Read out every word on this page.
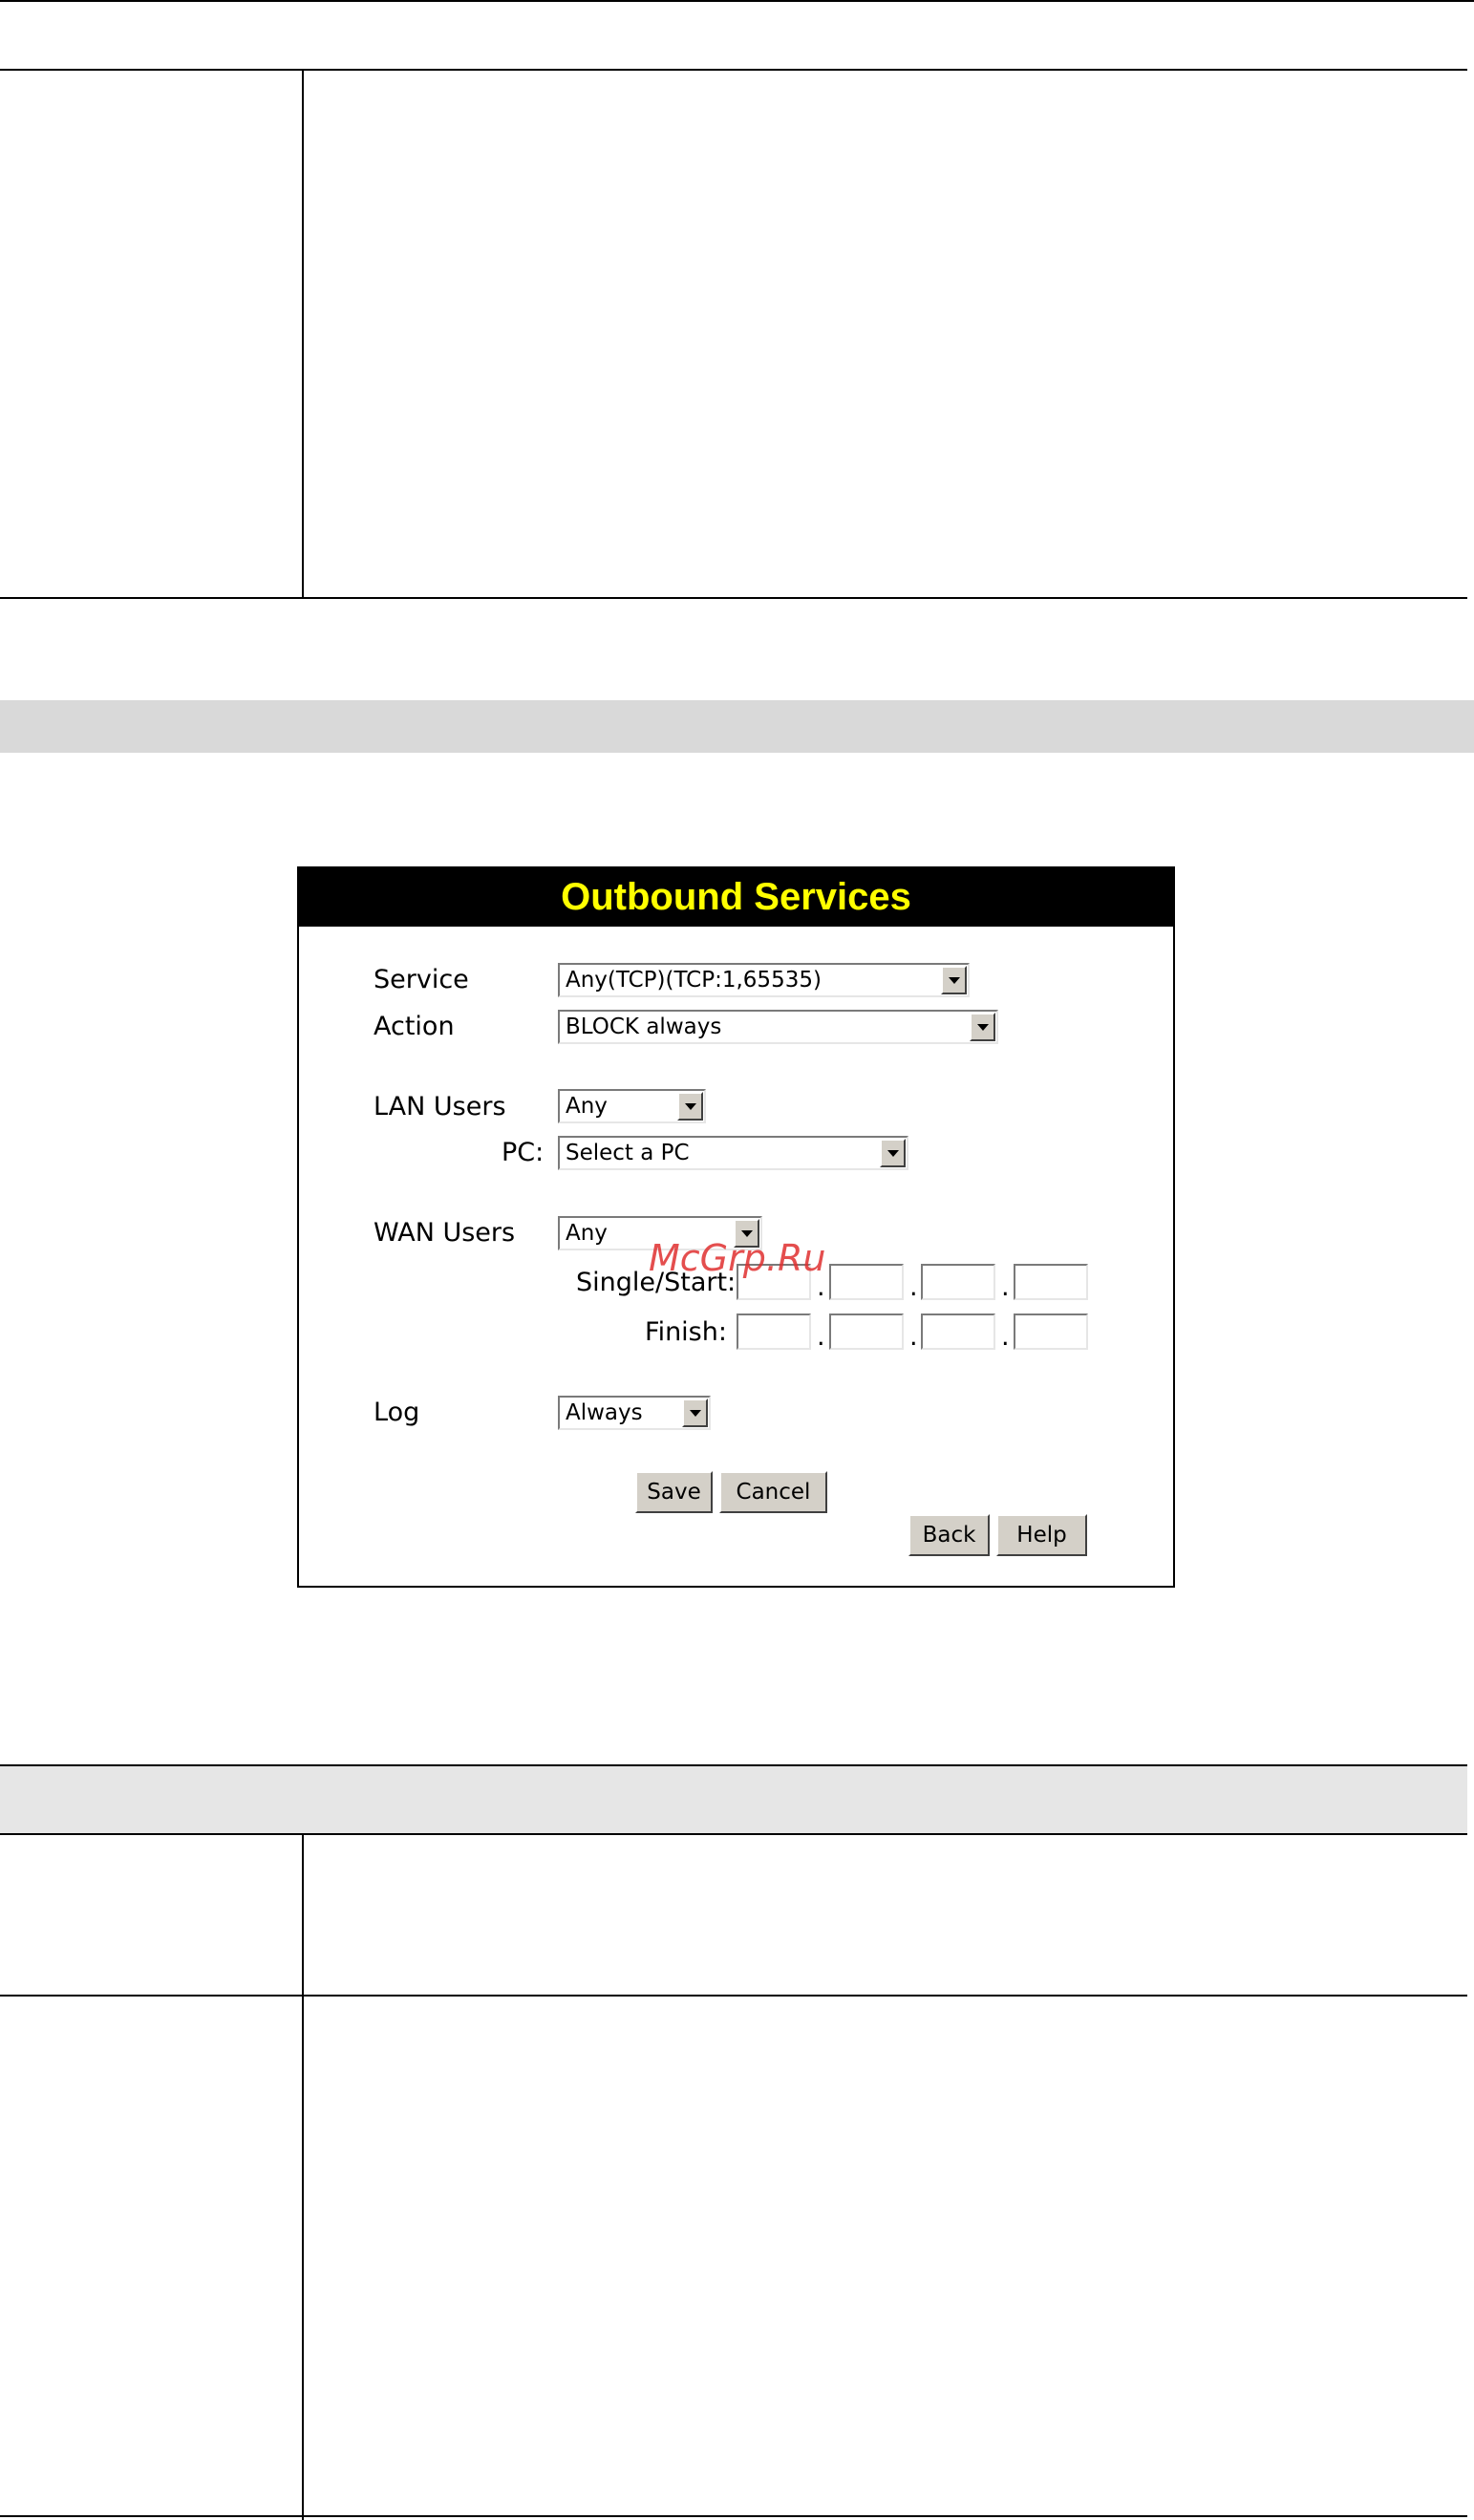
Outbound Services
Service	Any(TCP)(TCP:1,65535)
Action	BLOCK always
LAN Users	Any
PC: Select a PC
WAN Users Any
Single/Start:	.	.	.
Finish:	.	.	.
Log	Always
Save	Cancel
Back	Help
McGrp.Ru
